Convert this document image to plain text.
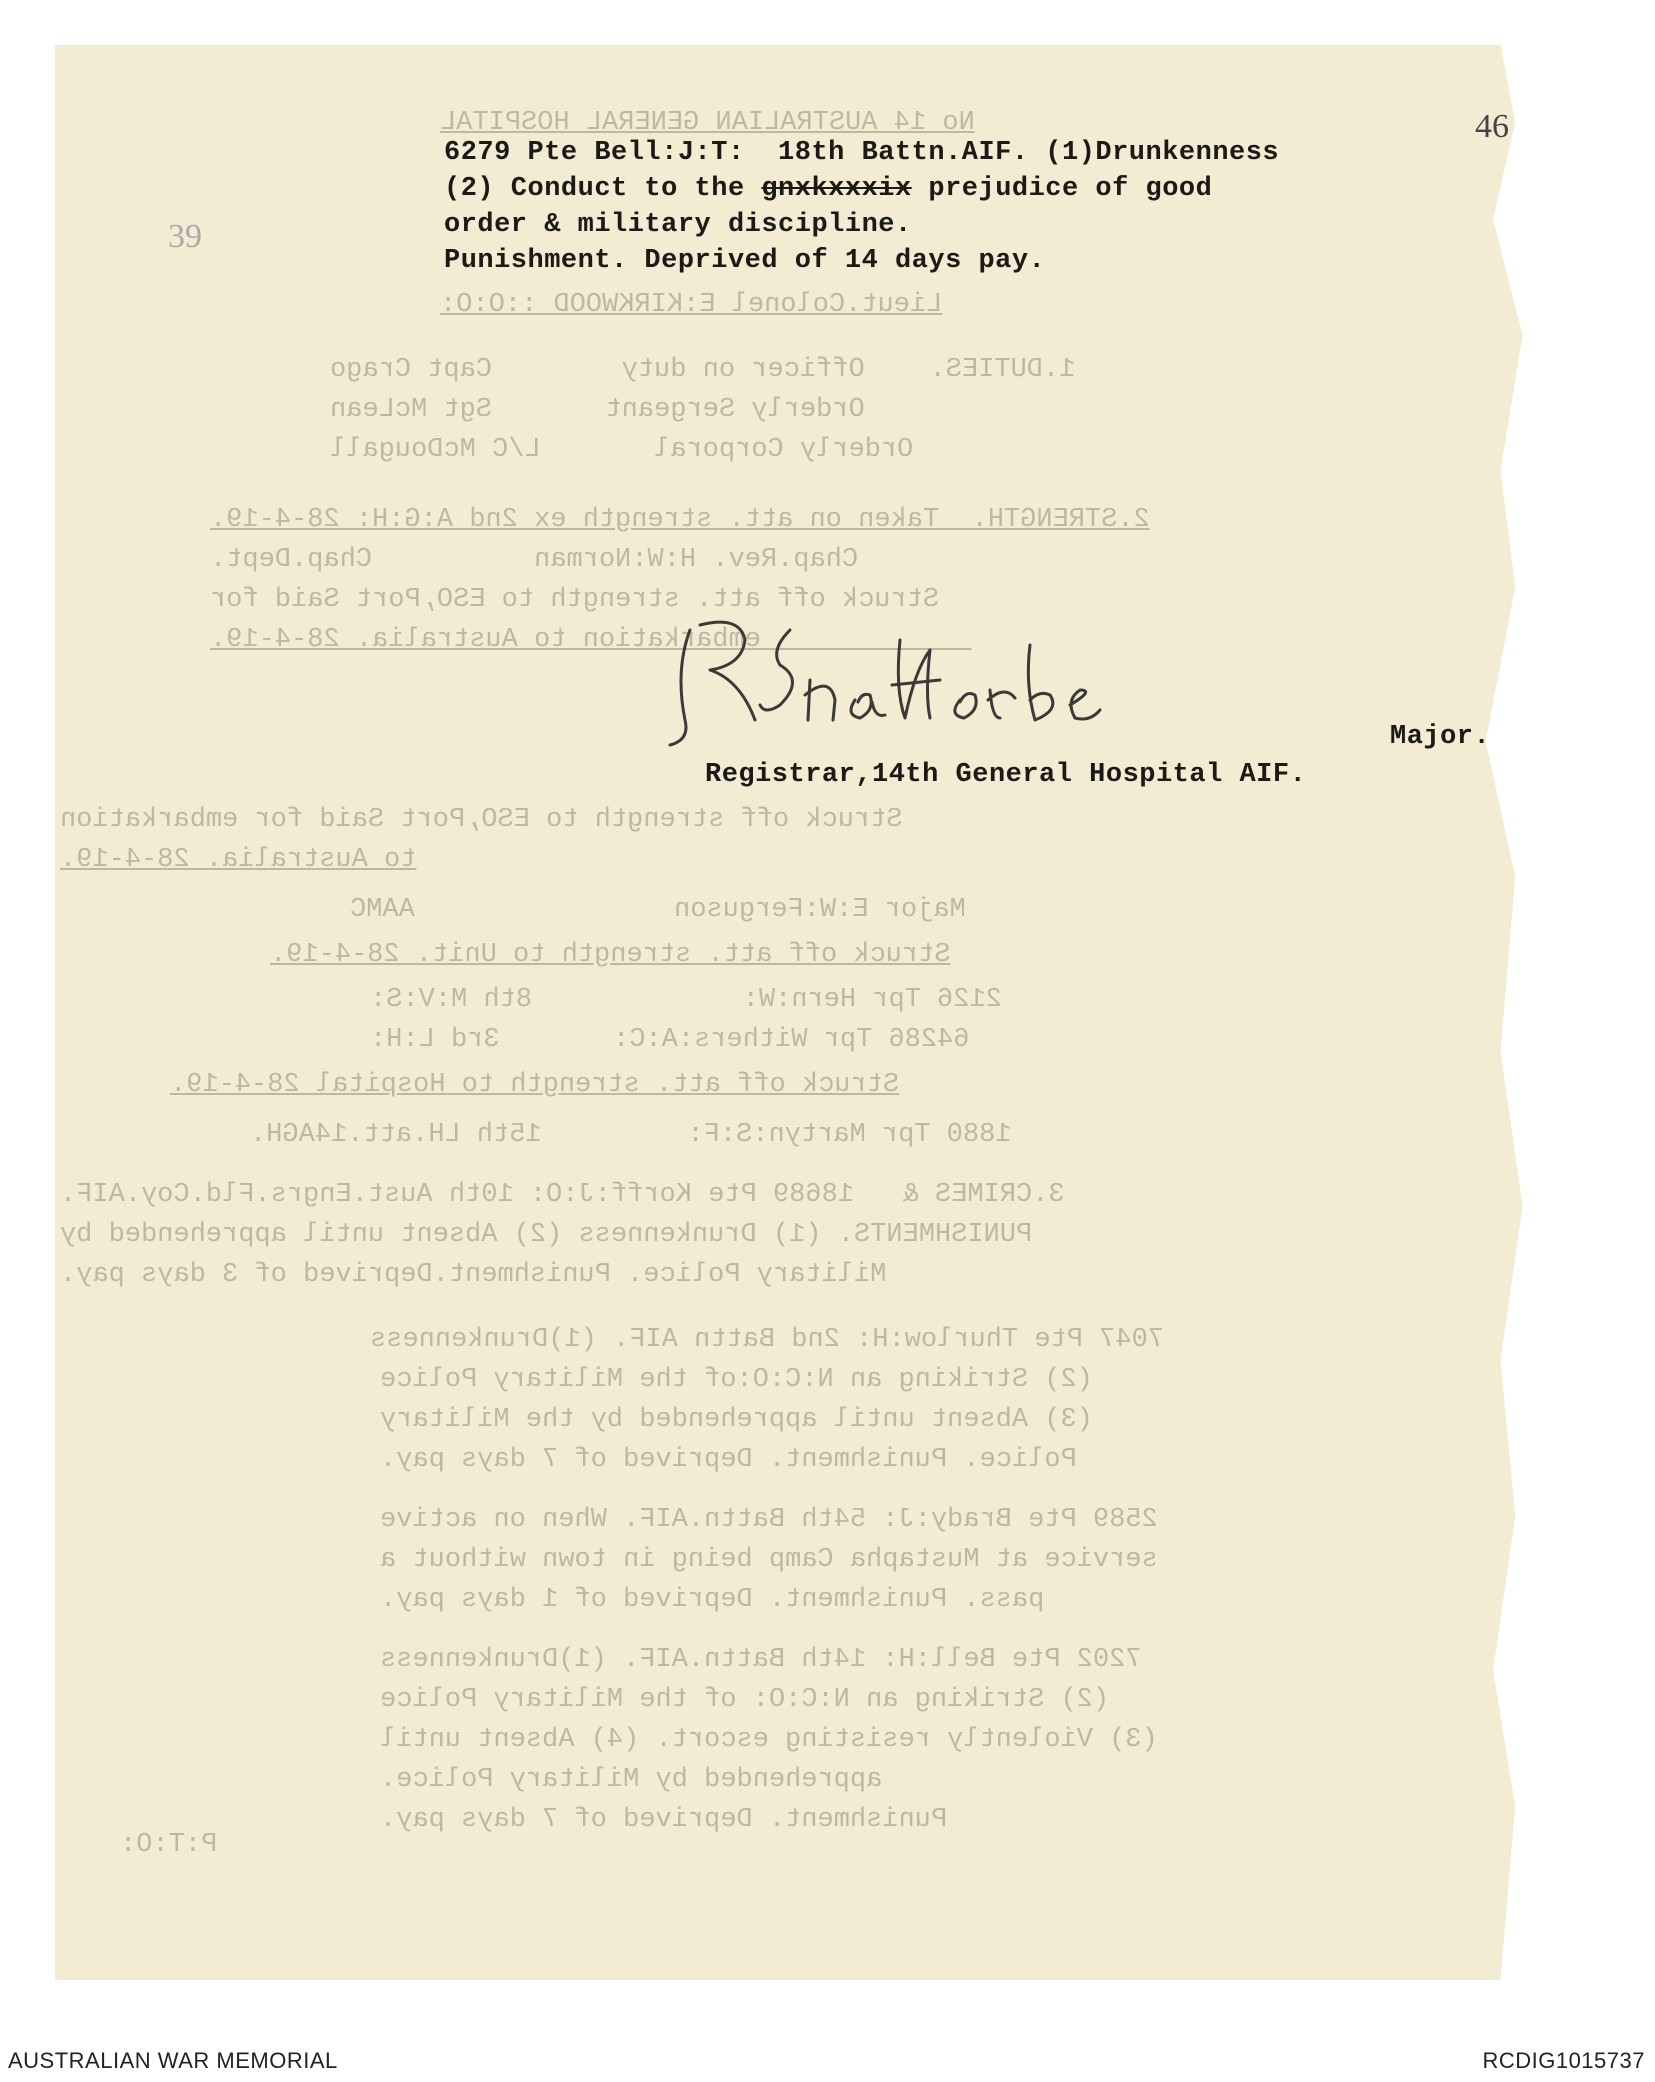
No 14 AUSTRALIAN GENERAL HOSPITAL
Lieut.Colonel E:KIRKWOOD ::O:O:
1.DUTIES.    Officer on duty        Capt Crago
Orderly Sergeant       Sgt McLean
Orderly Corporal       L/C McDougall
2.STRENGTH.  Taken on att. strength ex 2nd A:G:H: 28-4-19.
Chap.Rev. H:W:Norman          Chap.Dept.
Struck off att. strength to ESO,Port Said for
embarkation to Australia. 28-4-19.
Struck off strength to ESO,Port Said for embarkation
to Australia. 28-4-19.
Major E:W:Ferguson                AAMC
Struck off att. strength to Unit. 28-4-19.
2126 Tpr Hern:W:             8th M:V:S:
64286 Tpr Withers:A:C:       3rd L:H:
Struck off att. strength to Hospital 28-4-19.
1880 Tpr Martyn:S:F:         15th LH.att.14AGH.
3.CRIMES &   18689 Pte Korff:J:O: 10th Aust.Engrs.Fld.Coy.AIF.
PUNISHMENTS. (1) Drunkenness (2) Absent until apprehended by
Military Police. Punishment.Deprived of 3 days pay.
7047 Pte Thurlow:H: 2nd Battn AIF. (1)Drunkenness
(2) Striking an N:C:O:of the Military Police
(3) Absent until apprehended by the Military
Police. Punishment. Deprived of 7 days pay.
2589 Pte Brady:J: 54th Battn.AIF. When on active
service at Mustapha Camp being in town without a
pass. Punishment. Deprived of 1 days pay.
7202 Pte Bell:H: 14th Battn.AIF. (1)Drunkenness
(2) Striking an N:C:O: of the Military Police
(3) Violently resisting escort. (4) Absent until
apprehended by Military Police.
Punishment. Deprived of 7 days pay.
P:T:O:
46
39
6279 Pte Bell:J:T:  18th Battn.AIF. (1)Drunkenness
(2) Conduct to the gnxkxxxix prejudice of good
order & military discipline.
Punishment. Deprived of 14 days pay.
Major.
Registrar,14th General Hospital AIF.
AUSTRALIAN WAR MEMORIAL	RCDIG1015737
